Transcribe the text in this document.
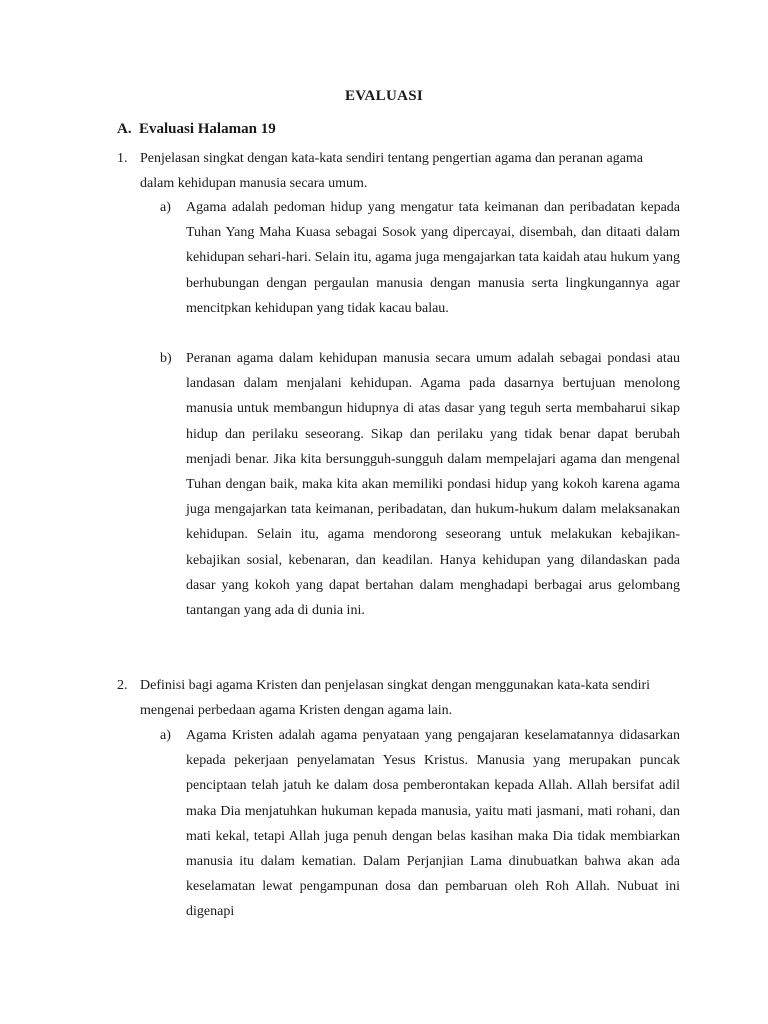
EVALUASI
A. Evaluasi Halaman 19
1. Penjelasan singkat dengan kata-kata sendiri tentang pengertian agama dan peranan agama dalam kehidupan manusia secara umum.
a) Agama adalah pedoman hidup yang mengatur tata keimanan dan peribadatan kepada Tuhan Yang Maha Kuasa sebagai Sosok yang dipercayai, disembah, dan ditaati dalam kehidupan sehari-hari. Selain itu, agama juga mengajarkan tata kaidah atau hukum yang berhubungan dengan pergaulan manusia dengan manusia serta lingkungannya agar mencitpkan kehidupan yang tidak kacau balau.
b) Peranan agama dalam kehidupan manusia secara umum adalah sebagai pondasi atau landasan dalam menjalani kehidupan. Agama pada dasarnya bertujuan menolong manusia untuk membangun hidupnya di atas dasar yang teguh serta membaharui sikap hidup dan perilaku seseorang. Sikap dan perilaku yang tidak benar dapat berubah menjadi benar. Jika kita bersungguh-sungguh dalam mempelajari agama dan mengenal Tuhan dengan baik, maka kita akan memiliki pondasi hidup yang kokoh karena agama juga mengajarkan tata keimanan, peribadatan, dan hukum-hukum dalam melaksanakan kehidupan. Selain itu, agama mendorong seseorang untuk melakukan kebajikan-kebajikan sosial, kebenaran, dan keadilan. Hanya kehidupan yang dilandaskan pada dasar yang kokoh yang dapat bertahan dalam menghadapi berbagai arus gelombang tantangan yang ada di dunia ini.
2. Definisi bagi agama Kristen dan penjelasan singkat dengan menggunakan kata-kata sendiri mengenai perbedaan agama Kristen dengan agama lain.
a) Agama Kristen adalah agama penyataan yang pengajaran keselamatannya didasarkan kepada pekerjaan penyelamatan Yesus Kristus. Manusia yang merupakan puncak penciptaan telah jatuh ke dalam dosa pemberontakan kepada Allah. Allah bersifat adil maka Dia menjatuhkan hukuman kepada manusia, yaitu mati jasmani, mati rohani, dan mati kekal, tetapi Allah juga penuh dengan belas kasihan maka Dia tidak membiarkan manusia itu dalam kematian. Dalam Perjanjian Lama dinubuatkan bahwa akan ada keselamatan lewat pengampunan dosa dan pembaruan oleh Roh Allah. Nubuat ini digenapi
